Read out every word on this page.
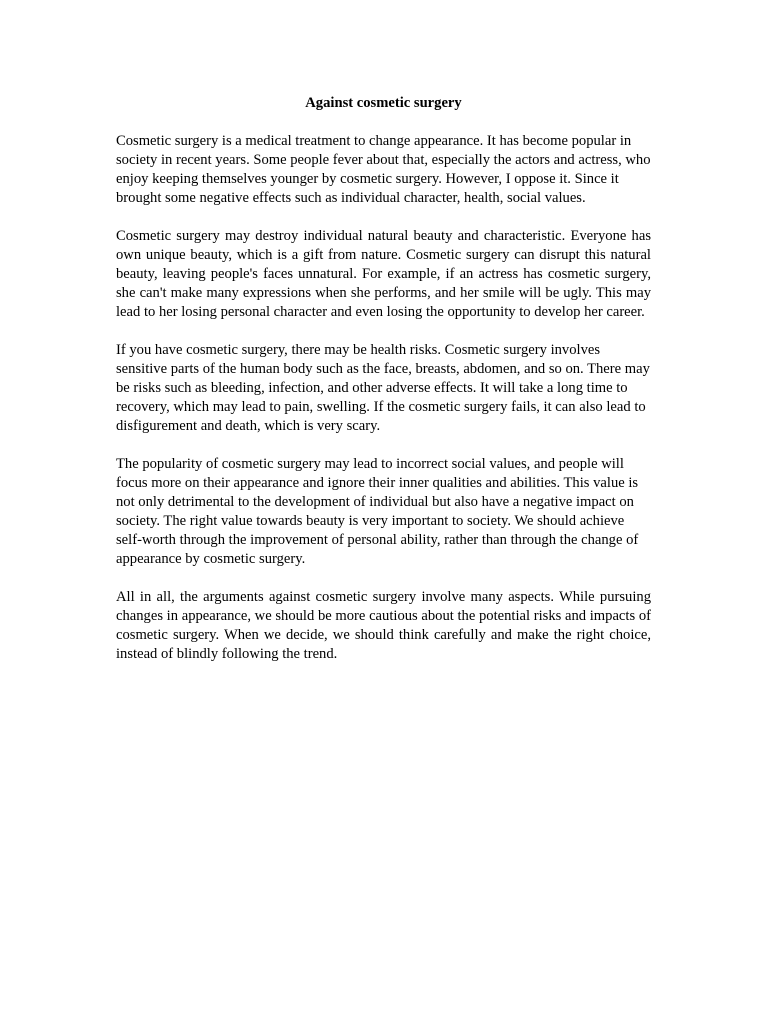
Against cosmetic surgery

Cosmetic surgery is a medical treatment to change appearance. It has become popular in society in recent years. Some people fever about that, especially the actors and actress, who enjoy keeping themselves younger by cosmetic surgery. However, I oppose it. Since it brought some negative effects such as individual character, health, social values.

Cosmetic surgery may destroy individual natural beauty and characteristic. Everyone has own unique beauty, which is a gift from nature. Cosmetic surgery can disrupt this natural beauty, leaving people's faces unnatural. For example, if an actress has cosmetic surgery, she can't make many expressions when she performs, and her smile will be ugly. This may lead to her losing personal character and even losing the opportunity to develop her career.

If you have cosmetic surgery, there may be health risks. Cosmetic surgery involves sensitive parts of the human body such as the face, breasts, abdomen, and so on. There may be risks such as bleeding, infection, and other adverse effects. It will take a long time to recovery, which may lead to pain, swelling. If the cosmetic surgery fails, it can also lead to disfigurement and death, which is very scary.

The popularity of cosmetic surgery may lead to incorrect social values, and people will focus more on their appearance and ignore their inner qualities and abilities. This value is not only detrimental to the development of individual but also have a negative impact on society. The right value towards beauty is very important to society. We should achieve self-worth through the improvement of personal ability, rather than through the change of appearance by cosmetic surgery.

All in all, the arguments against cosmetic surgery involve many aspects. While pursuing changes in appearance, we should be more cautious about the potential risks and impacts of cosmetic surgery. When we decide, we should think carefully and make the right choice, instead of blindly following the trend.
